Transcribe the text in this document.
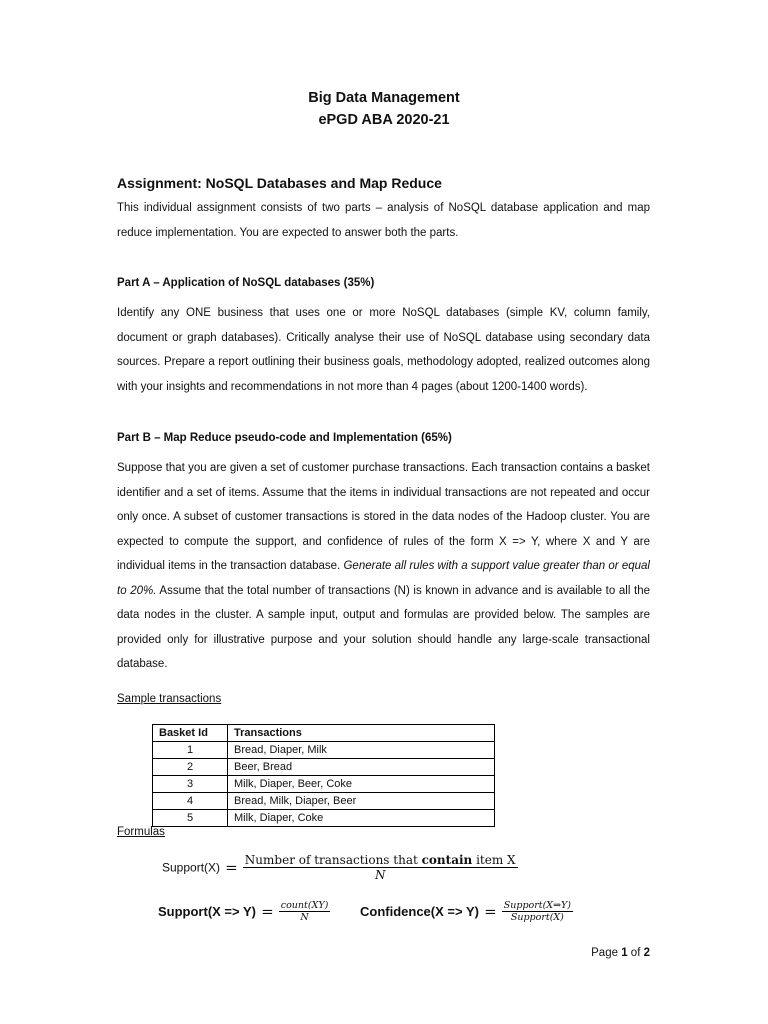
Big Data Management
ePGD ABA 2020-21
Assignment: NoSQL Databases and Map Reduce

This individual assignment consists of two parts – analysis of NoSQL database application and map reduce implementation. You are expected to answer both the parts.

Part A – Application of NoSQL databases (35%)

Identify any ONE business that uses one or more NoSQL databases (simple KV, column family, document or graph databases). Critically analyse their use of NoSQL database using secondary data sources. Prepare a report outlining their business goals, methodology adopted, realized outcomes along with your insights and recommendations in not more than 4 pages (about 1200-1400 words).

Part B – Map Reduce pseudo-code and Implementation (65%)

Suppose that you are given a set of customer purchase transactions. Each transaction contains a basket identifier and a set of items. Assume that the items in individual transactions are not repeated and occur only once. A subset of customer transactions is stored in the data nodes of the Hadoop cluster. You are expected to compute the support, and confidence of rules of the form X => Y, where X and Y are individual items in the transaction database. Generate all rules with a support value greater than or equal to 20%. Assume that the total number of transactions (N) is known in advance and is available to all the data nodes in the cluster. A sample input, output and formulas are provided below. The samples are provided only for illustrative purpose and your solution should handle any large-scale transactional database.

Sample transactions
Basket Id	Transactions
1	Bread, Diaper, Milk
2	Beer, Bread
3	Milk, Diaper, Beer, Coke
4	Bread, Milk, Diaper, Beer
5	Milk, Diaper, Coke
Formulas
Support(X) = $\frac{\text{Number of transactions that contain item X}}{N}$
Support(X => $Y) = \frac{\text{count(XY)}}{N}$ Confidence(X => $Y) = \frac{\text{Support(X⇒Y)}}{\text{Support(X)}}$
Page 1 of 2
